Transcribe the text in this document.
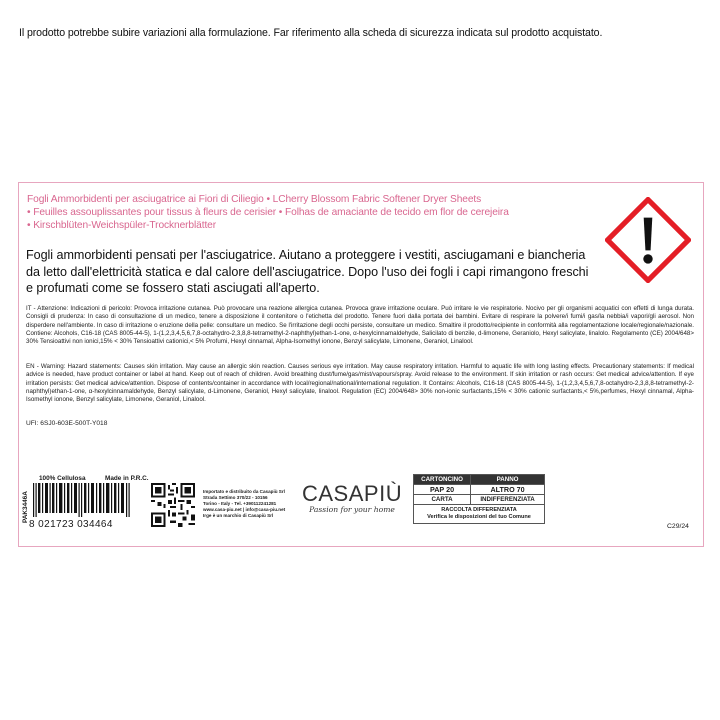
Il prodotto potrebbe subire variazioni alla formulazione. Far riferimento alla scheda di sicurezza indicata sul prodotto acquistato.
Fogli Ammorbidenti per asciugatrice ai Fiori di Ciliegio • LCherry Blossom Fabric Softener Dryer Sheets
• Feuilles assouplissantes pour tissus à fleurs de cerisier • Folhas de amaciante de tecido em flor de cerejeira
• Kirschblüten-Weichspüler-Trocknerblätter
Fogli ammorbidenti pensati per l'asciugatrice. Aiutano a proteggere i vestiti, asciugamani e biancheria da letto dall'elettricità statica e dal calore dell'asciugatrice. Dopo l'uso dei fogli i capi rimangono freschi e profumati come se fossero stati asciugati all'aperto.
IT - Attenzione: Indicazioni di pericolo: Provoca irritazione cutanea. Può provocare una reazione allergica cutanea. Provoca grave irritazione oculare. Può irritare le vie respiratorie. Nocivo per gli organismi acquatici con effetti di lunga durata. Consigli di prudenza: In caso di consultazione di un medico, tenere a disposizione il contenitore o l'etichetta del prodotto. Tenere fuori dalla portata dei bambini. Evitare di respirare la polvere/i fumi/i gas/la nebbia/i vapori/gli aerosol. Non disperdere nell'ambiente. In caso di irritazione o eruzione della pelle: consultare un medico. Se l'irritazione degli occhi persiste, consultare un medico. Smaltire il prodotto/recipiente in conformità alla regolamentazione locale/regionale/nazionale. Contiene: Alcohols, C16-18 (CAS 8005-44-5), 1-(1,2,3,4,5,6,7,8-octahydro-2,3,8,8-tetramethyl-2-naphthyl)ethan-1-one, α-hexylcinnamaldehyde, Salicilato di benzile, d-limonene, Geraniolo, Hexyl salicylate, linalolo. Regolamento (CE) 2004/648> 30% Tensioattivi non ionici,15% < 30% Tensioattivi cationici,< 5% Profumi, Hexyl cinnamal, Alpha-Isomethyl ionone, Benzyl salicylate, Limonene, Geraniol, Linalool.
EN - Warning: Hazard statements: Causes skin irritation. May cause an allergic skin reaction. Causes serious eye irritation. May cause respiratory irritation. Harmful to aquatic life with long lasting effects. Precautionary statements: If medical advice is needed, have product container or label at hand. Keep out of reach of children. Avoid breathing dust/fume/gas/mist/vapours/spray. Avoid release to the environment. If skin irritation or rash occurs: Get medical advice/attention. If eye irritation persists: Get medical advice/attention. Dispose of contents/container in accordance with local/regional/national/international regulation. It Contains: Alcohols, C16-18 (CAS 8005-44-5), 1-(1,2,3,4,5,6,7,8-octahydro-2,3,8,8-tetramethyl-2-naphthyl)ethan-1-one, α-hexylcinnamaldehyde, Benzyl salicylate, d-Limonene, Geraniol, Hexyl salicylate, linalool. Regulation (EC) 2004/648> 30% non-ionic surfactants,15% < 30% cationic surfactants,< 5%,perfumes, Hexyl cinnamal, Alpha-Isomethyl ionone, Benzyl salicylate, Limonene, Geraniol, Linalool.
UFI: 6SJ0-603E-500T-Y018
100% Cellulosa	Made in P.R.C.
PAK3446A
8 021723 034464
Importato e distribuito da Casapiù Srl
Strada Settimo 370/22 - 10156
Torino - Italy - Tel. +390112241281
www.casa-piu.net | info@casa-piu.net
Irge è un marchio di Casapiù Srl
CASAPIÙ
Passion for your home
CARTONCINO	PANNO
PAP 20	ALTRO 70
CARTA	INDIFFERENZIATA

RACCOLTA DIFFERENZIATA
Verifica le disposizioni del tuo Comune	
C29/24
